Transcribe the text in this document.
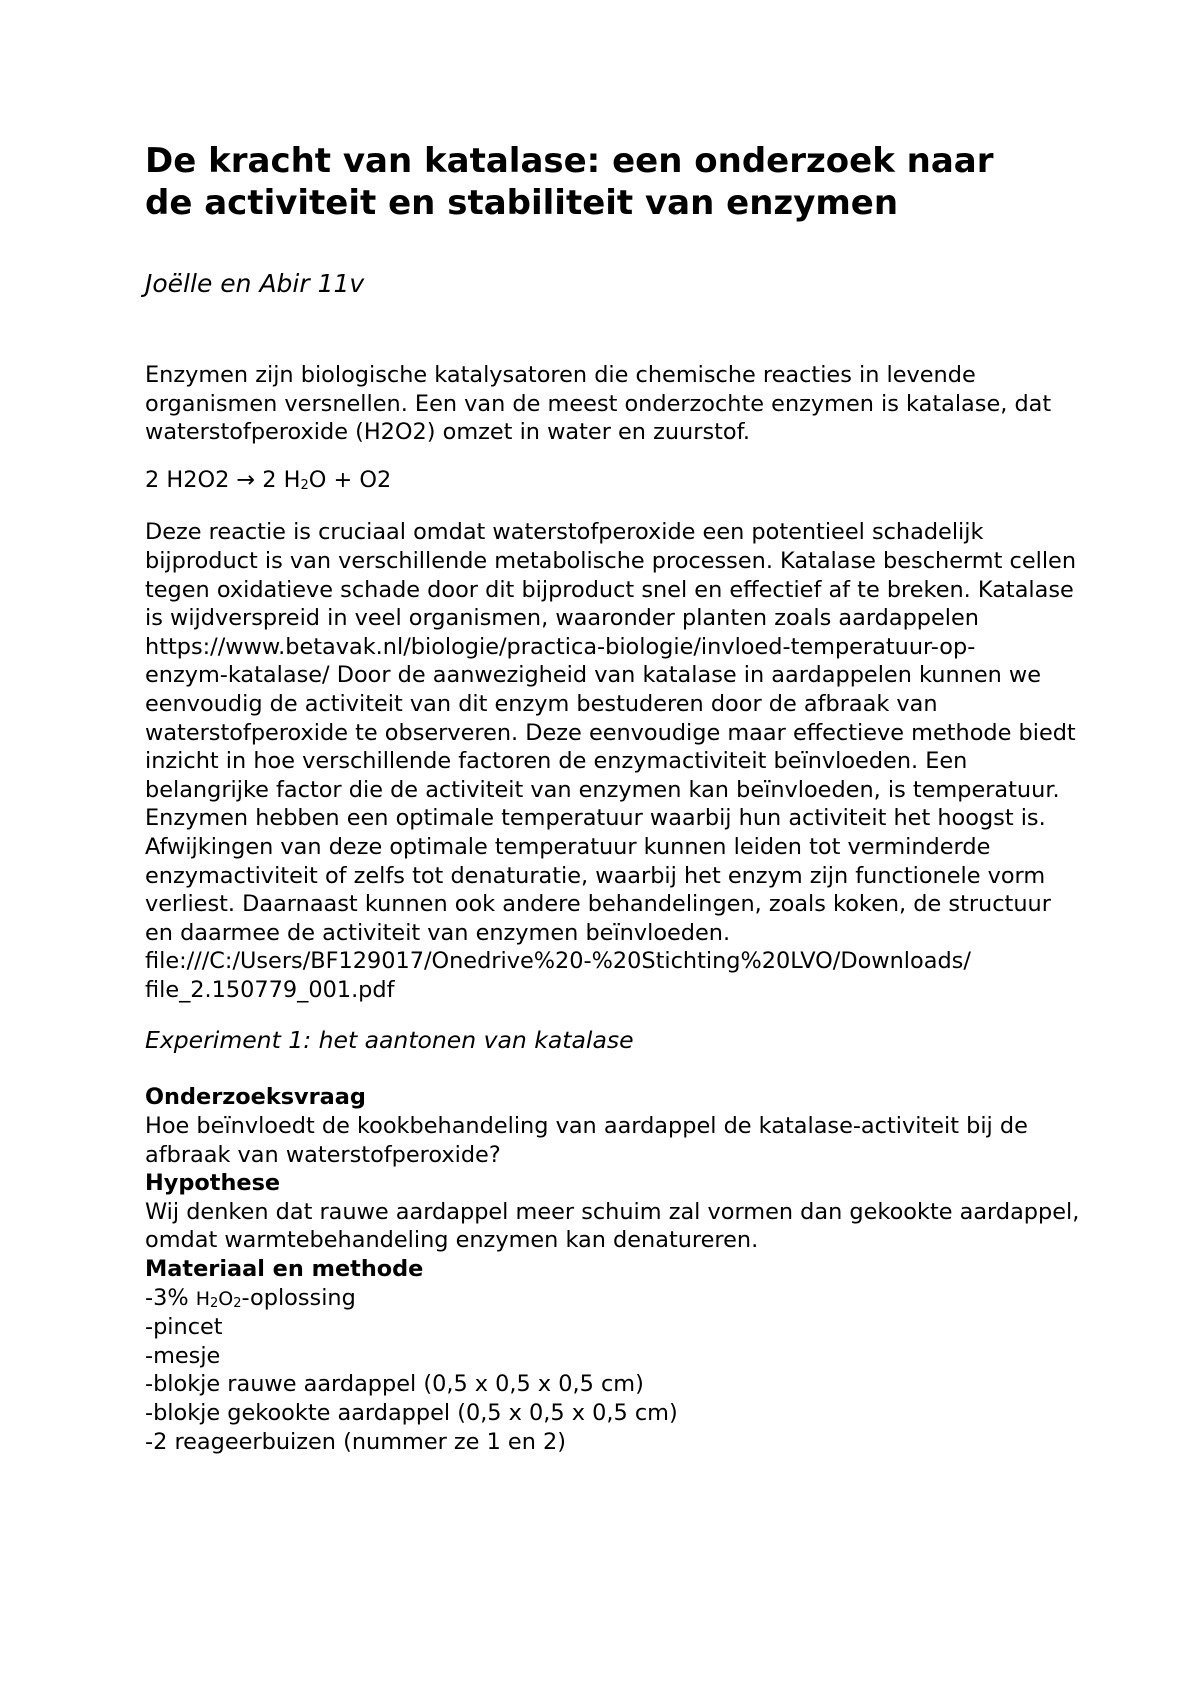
De kracht van katalase: een onderzoek naar
de activiteit en stabiliteit van enzymen

Joëlle en Abir 11v

Enzymen zijn biologische katalysatoren die chemische reacties in levende organismen versnellen. Een van de meest onderzochte enzymen is katalase, dat waterstofperoxide (H2O2) omzet in water en zuurstof.

2 H2O2 → 2 $H_2O + O2$

Deze reactie is cruciaal omdat waterstofperoxide een potentieel schadelijk bijproduct is van verschillende metabolische processen. Katalase beschermt cellen tegen oxidatieve schade door dit bijproduct snel en effectief af te breken. Katalase is wijdverspreid in veel organismen, waaronder planten zoals aardappelen
https://www.betavak.nl/biologie/practica-biologie/invloed-temperatuur-op-
enzym-katalase/ Door de aanwezigheid van katalase in aardappelen kunnen we eenvoudig de activiteit van dit enzym bestuderen door de afbraak van waterstofperoxide te observeren. Deze eenvoudige maar effectieve methode biedt inzicht in hoe verschillende factoren de enzymactiviteit beïnvloeden. Een belangrijke factor die de activiteit van enzymen kan beïnvloeden, is temperatuur. Enzymen hebben een optimale temperatuur waarbij hun activiteit het hoogst is. Afwijkingen van deze optimale temperatuur kunnen leiden tot verminderde enzymactiviteit of zelfs tot denaturatie, waarbij het enzym zijn functionele vorm verliest. Daarnaast kunnen ook andere behandelingen, zoals koken, de structuur en daarmee de activiteit van enzymen beïnvloeden.
file:///C:/Users/BF129017/Onedrive%20-%20Stichting%20LVO/Downloads/
file_2.150779_001.pdf

Experiment 1: het aantonen van katalase

Onderzoeksvraag

Hoe beïnvloedt de kookbehandeling van aardappel de katalase-activiteit bij de afbraak van waterstofperoxide?

Hypothese

Wij denken dat rauwe aardappel meer schuim zal vormen dan gekookte aardappel, omdat warmtebehandeling enzymen kan denatureren.

Materiaal en methode

-3% $H_2O_2$-oplossing
-pincet
-mesje
-blokje rauwe aardappel (0,5 x 0,5 x 0,5 cm)
-blokje gekookte aardappel (0,5 x 0,5 x 0,5 cm)
-2 reageerbuizen (nummer ze 1 en 2)
